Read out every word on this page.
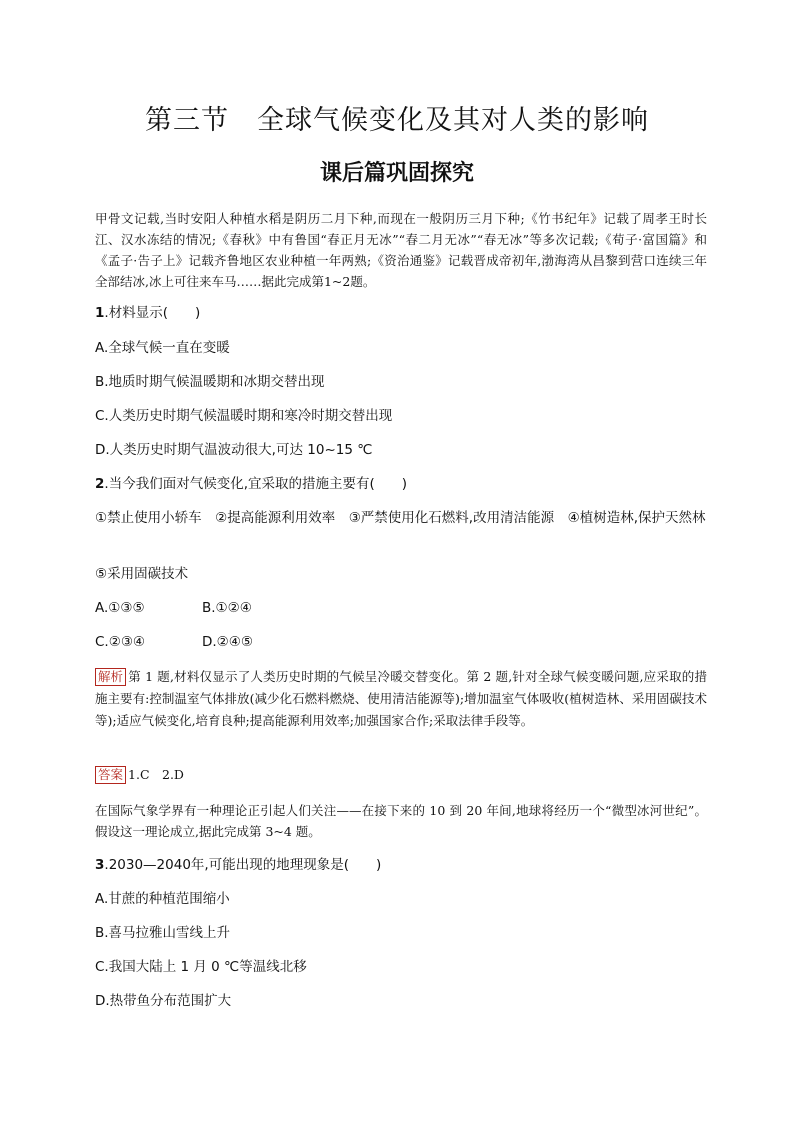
第三节　全球气候变化及其对人类的影响
课后篇巩固探究
甲骨文记载,当时安阳人种植水稻是阴历二月下种,而现在一般阴历三月下种;《竹书纪年》记载了周孝王时长江、汉水冻结的情况;《春秋》中有鲁国“春正月无冰”“春二月无冰”“春无冰”等多次记载;《荀子·富国篇》和《孟子·告子上》记载齐鲁地区农业种植一年两熟;《资治通鉴》记载晋成帝初年,渤海湾从昌黎到营口连续三年全部结冰,冰上可往来车马……据此完成第1~2题。
1.材料显示(　　)
A.全球气候一直在变暖
B.地质时期气候温暖期和冰期交替出现
C.人类历史时期气候温暖时期和寒冷时期交替出现
D.人类历史时期气温波动很大,可达 10~15 ℃
2.当今我们面对气候变化,宜采取的措施主要有(　　)
①禁止使用小轿车　②提高能源利用效率　③严禁使用化石燃料,改用清洁能源　④植树造林,保护天然林
⑤采用固碳技术
A.①③⑤	B.①②④
C.②③④	D.②④⑤
解析 第 1 题,材料仅显示了人类历史时期的气候呈冷暖交替变化。第 2 题,针对全球气候变暖问题,应采取的措施主要有:控制温室气体排放(减少化石燃料燃烧、使用清洁能源等);增加温室气体吸收(植树造林、采用固碳技术等);适应气候变化,培育良种;提高能源利用效率;加强国家合作;采取法律手段等。
答案 1.C　2.D
在国际气象学界有一种理论正引起人们关注——在接下来的 10 到 20 年间,地球将经历一个“微型冰河世纪”。假设这一理论成立,据此完成第 3~4 题。
3.2030—2040年,可能出现的地理现象是(　　)
A.甘蔗的种植范围缩小
B.喜马拉雅山雪线上升
C.我国大陆上 1 月 0 ℃等温线北移
D.热带鱼分布范围扩大
